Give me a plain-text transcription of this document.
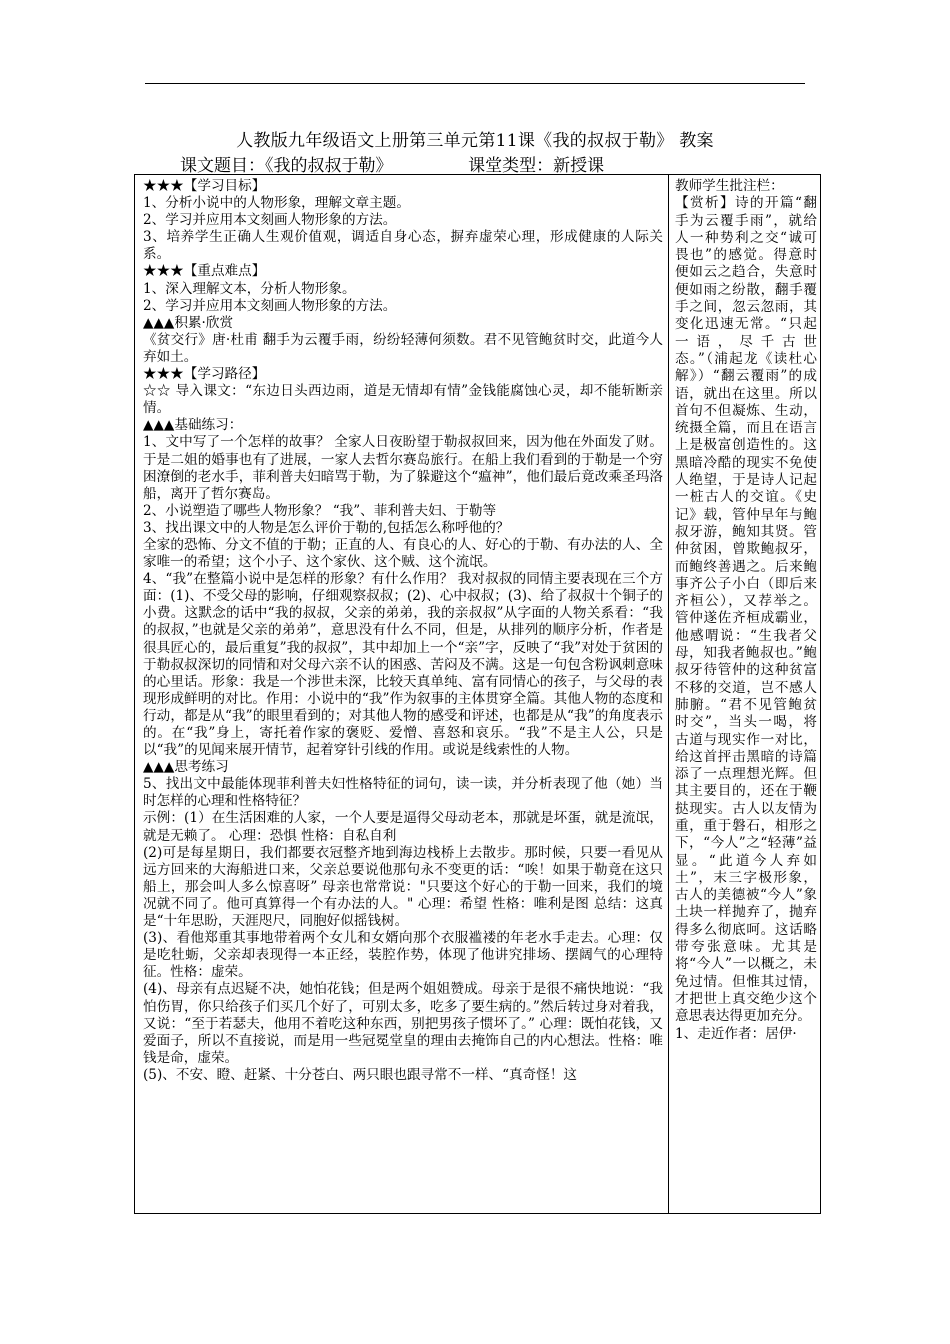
人教版九年级语文上册第三单元第11课《我的叔叔于勒》 教案
课文题目：《我的叔叔于勒》	课堂类型：新授课

★★★【学习目标】

1、分析小说中的人物形象，理解文章主题。

2、学习并应用本文刻画人物形象的方法。

3、培养学生正确人生观价值观，调适自身心态，摒弃虚荣心理，形成健康的人际关系。

★★★【重点难点】

1、深入理解文本，分析人物形象。

2、学习并应用本文刻画人物形象的方法。

▲▲▲积累·欣赏

《贫交行》唐·杜甫 翻手为云覆手雨，纷纷轻薄何须数。君不见管鲍贫时交，此道今人弃如土。

★★★【学习路径】

☆☆ 导入课文：“东边日头西边雨，道是无情却有情”金钱能腐蚀心灵，却不能斩断亲情。

▲▲▲基础练习：

1、文中写了一个怎样的故事？ 全家人日夜盼望于勒叔叔回来，因为他在外面发了财。于是二姐的婚事也有了进展，一家人去哲尔赛岛旅行。在船上我们看到的于勒是一个穷困潦倒的老水手，菲利普夫妇暗骂于勒，为了躲避这个“瘟神”，他们最后竟改乘圣玛洛船，离开了哲尔赛岛。

2、小说塑造了哪些人物形象？ “我”、菲利普夫妇、于勒等

3、找出课文中的人物是怎么评价于勒的,包括怎么称呼他的？

全家的恐怖、分文不值的于勒；正直的人、有良心的人、好心的于勒、有办法的人、全家唯一的希望；这个小子、这个家伙、这个贼、这个流氓。

4、“我”在整篇小说中是怎样的形象？有什么作用？ 我对叔叔的同情主要表现在三个方面：(1)、不受父母的影响，仔细观察叔叔；(2)、心中叔叔；(3)、给了叔叔十个铜子的小费。这默念的话中“我的叔叔，父亲的弟弟，我的亲叔叔”从字面的人物关系看：“我的叔叔，”也就是父亲的弟弟”，意思没有什么不同，但是，从排列的顺序分析，作者是很具匠心的，最后重复”我的叔叔”，其中却加上一个“亲”字，反映了“我”对处于贫困的于勒叔叔深切的同情和对父母六亲不认的困惑、苦闷及不满。这是一句包含粉讽刺意味的心里话。形象：我是一个涉世未深，比较天真单纯、富有同情心的孩子，与父母的表现形成鲜明的对比。作用：小说中的“我”作为叙事的主体贯穿全篇。其他人物的态度和行动，都是从“我”的眼里看到的；对其他人物的感受和评述，也都是从“我”的角度表示的。在“我”身上，寄托着作家的褒贬、爱憎、喜怒和哀乐。“我”不是主人公，只是以“我”的见闻来展开情节，起着穿针引线的作用。或说是线索性的人物。

▲▲▲思考练习

5、找出文中最能体现菲利普夫妇性格特征的词句，读一读，并分析表现了他（她）当时怎样的心理和性格特征？

示例：(1）在生活困难的人家，一个人要是逼得父母动老本，那就是坏蛋，就是流氓，就是无赖了。 心理：恐惧 性格：自私自利

(2)可是每星期日，我们都要衣冠整齐地到海边栈桥上去散步。那时候，只要一看见从远方回来的大海船进口来，父亲总要说他那句永不变更的话：“唉！如果于勒竟在这只船上，那会叫人多么惊喜呀” 母亲也常常说："只要这个好心的于勒一回来，我们的境况就不同了。他可真算得一个有办法的人。" 心理：希望 性格：唯利是图 总结：这真是“十年思盼，天涯咫尺，同胞好似摇钱树。

(3)、看他郑重其事地带着两个女儿和女婿向那个衣服褴褛的年老水手走去。心理：仅是吃牡蛎，父亲却表现得一本正经，装腔作势，体现了他讲究排场、摆阔气的心理特征。性格：虚荣。

(4)、母亲有点迟疑不决，她怕花钱；但是两个姐姐赞成。母亲于是很不痛快地说：“我怕伤胃，你只给孩子们买几个好了，可别太多，吃多了要生病的。”然后转过身对着我，又说：“至于若瑟夫，他用不着吃这种东西，别把男孩子惯坏了。” 心理：既怕花钱，又爱面子，所以不直接说，而是用一些冠冕堂皇的理由去掩饰自己的内心想法。性格：唯钱是命，虚荣。

(5)、不安、瞪、赶紧、十分苍白、两只眼也跟寻常不一样、“真奇怪！这

教师学生批注栏：

【赏析】诗的开篇“翻手为云覆手雨”，就给人一种势利之交“诚可畏也”的感觉。得意时便如云之趋合，失意时便如雨之纷散，翻手覆手之间，忽云忽雨，其变化迅速无常。“只起一语，尽千古世态。”（浦起龙《读杜心解》）“翻云覆雨”的成语，就出在这里。所以首句不但凝炼、生动，统摄全篇，而且在语言上是极富创造性的。这黑暗冷酷的现实不免使人绝望，于是诗人记起一桩古人的交谊。《史记》载，管仲早年与鲍叔牙游，鲍知其贤。管仲贫困，曾欺鲍叔牙，而鲍终善遇之。后来鲍事齐公子小白（即后来齐桓公），又荐举之。管仲遂佐齐桓成霸业，他感喟说：“生我者父母，知我者鲍叔也。”鲍叔牙待管仲的这种贫富不移的交道，岂不感人肺腑。“君不见管鲍贫时交”，当头一喝，将古道与现实作一对比，给这首抨击黑暗的诗篇添了一点理想光辉。但其主要目的，还在于鞭挞现实。古人以友情为重，重于磐石，相形之下，“今人”之“轻薄”益显。“此道今人弃如土”，末三字极形象，古人的美德被“今人”象土块一样抛弃了，抛弃得多么彻底呵。这话略带夸张意味。尤其是将“今人”一以概之，未免过情。但惟其过情，才把世上真交绝少这个意思表达得更加充分。

1、走近作者：居伊·
